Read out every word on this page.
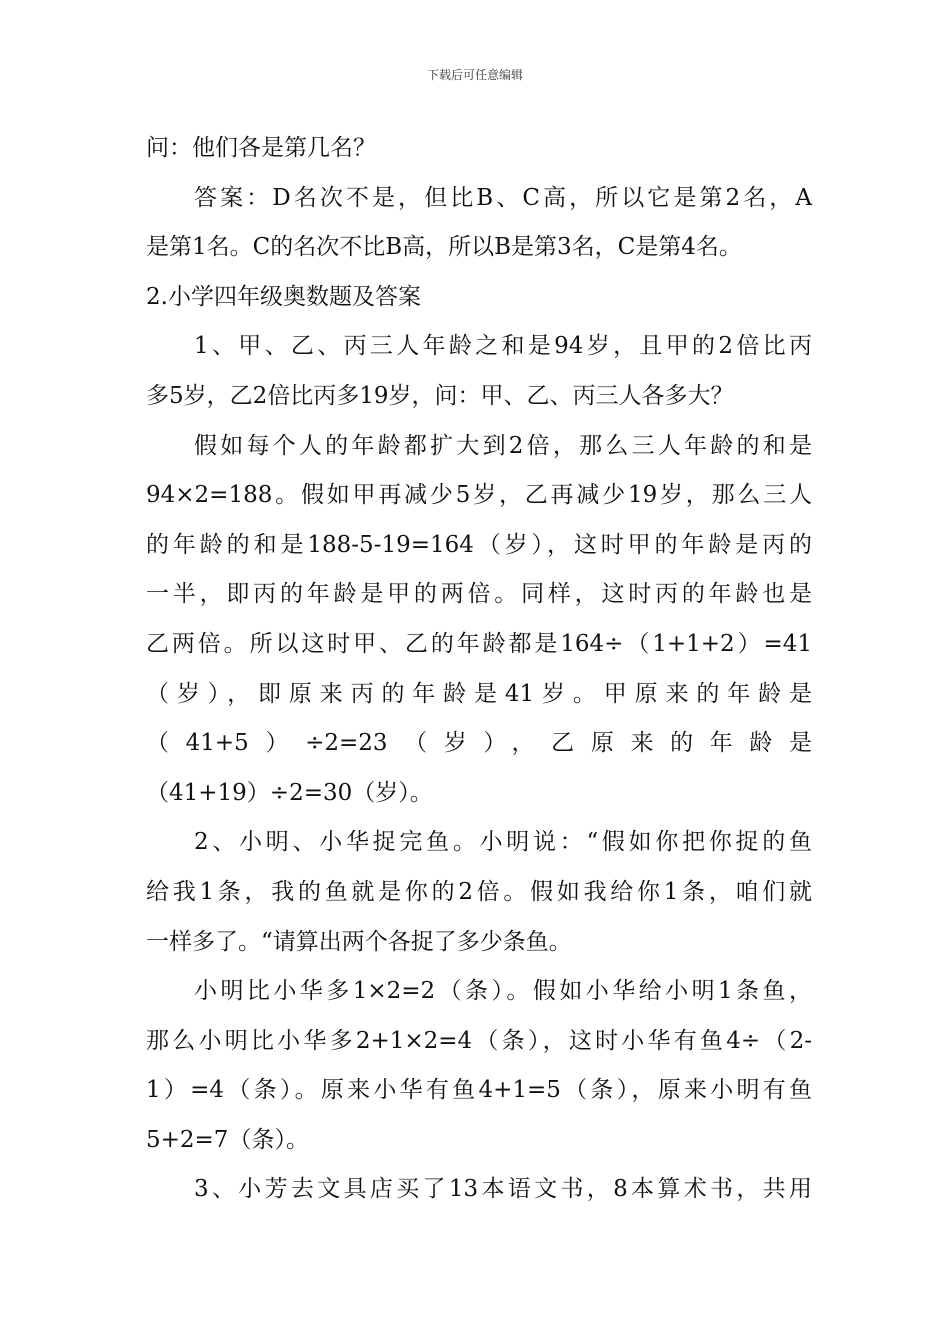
下载后可任意编辑

问：他们各是第几名？

答案：D名次不是，但比B、C高，所以它是第2名，A

是第1名。C的名次不比B高，所以B是第3名，C是第4名。

2.小学四年级奥数题及答案

1、甲、乙、丙三人年龄之和是94岁，且甲的2倍比丙

多5岁，乙2倍比丙多19岁，问：甲、乙、丙三人各多大？

假如每个人的年龄都扩大到2倍，那么三人年龄的和是

94×2=188。假如甲再减少5岁，乙再减少19岁，那么三人

的年龄的和是188-5-19=164（岁），这时甲的年龄是丙的

一半，即丙的年龄是甲的两倍。同样，这时丙的年龄也是

乙两倍。所以这时甲、乙的年龄都是164÷（1+1+2）=41

（岁），即原来丙的年龄是41岁。甲原来的年龄是

（41+5）÷2=23（岁），乙原来的年龄是

（41+19）÷2=30（岁）。

2、小明、小华捉完鱼。小明说：“假如你把你捉的鱼

给我1条，我的鱼就是你的2倍。假如我给你1条，咱们就

一样多了。“请算出两个各捉了多少条鱼。

小明比小华多1×2=2（条）。假如小华给小明1条鱼，

那么小明比小华多2+1×2=4（条），这时小华有鱼4÷（2-

1）=4（条）。原来小华有鱼4+1=5（条），原来小明有鱼

5+2=7（条）。

3、小芳去文具店买了13本语文书，8本算术书，共用
